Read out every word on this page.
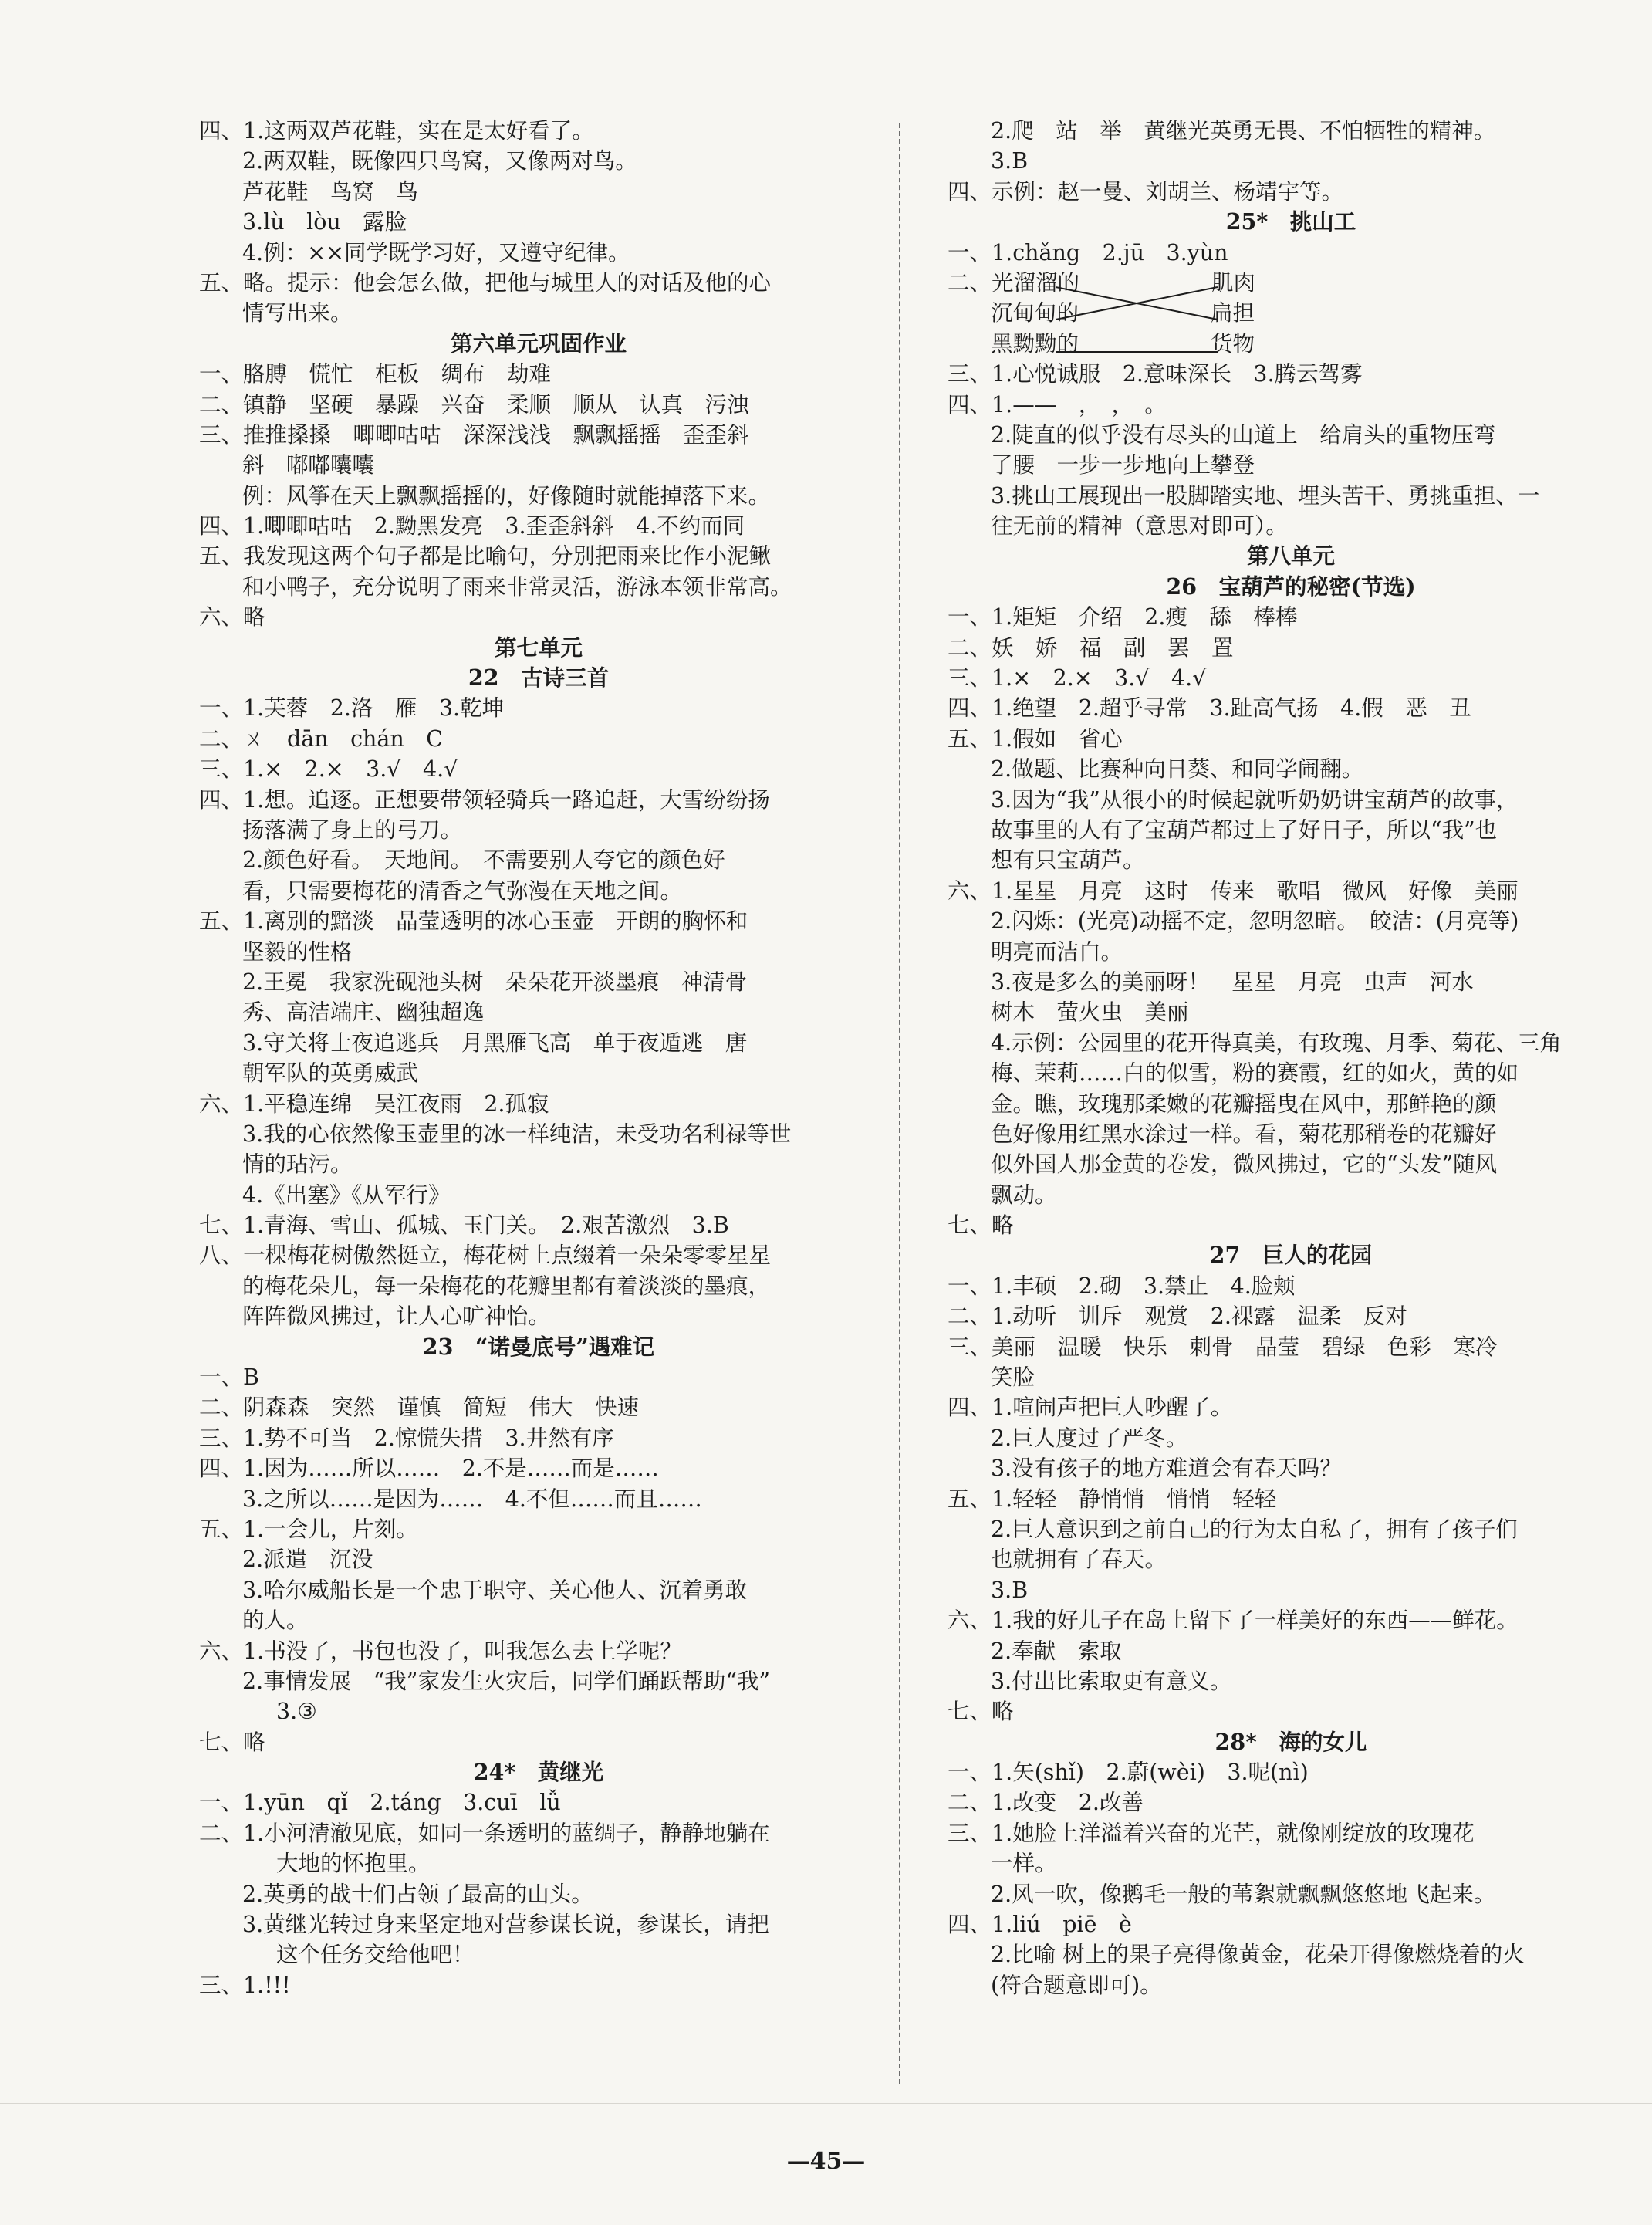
四、1.这两双芦花鞋，实在是太好看了。
2.两双鞋，既像四只鸟窝，又像两对鸟。
芦花鞋　鸟窝　鸟
3.lù　lòu　露脸
4.例：××同学既学习好，又遵守纪律。
五、略。提示：他会怎么做，把他与城里人的对话及他的心
情写出来。
第六单元巩固作业
一、胳膊　慌忙　柜板　绸布　劫难
二、镇静　坚硬　暴躁　兴奋　柔顺　顺从　认真　污浊
三、推推搡搡　唧唧咕咕　深深浅浅　飘飘摇摇　歪歪斜
斜　嘟嘟囔囔
例：风筝在天上飘飘摇摇的，好像随时就能掉落下来。
四、1.唧唧咕咕　2.黝黑发亮　3.歪歪斜斜　4.不约而同
五、我发现这两个句子都是比喻句，分别把雨来比作小泥鳅
和小鸭子，充分说明了雨来非常灵活，游泳本领非常高。
六、略
第七单元
22　古诗三首
一、1.芙蓉　2.洛　雁　3.乾坤
二、ㄨ　dān　chán　C
三、1.×　2.×　3.√　4.√
四、1.想。追逐。正想要带领轻骑兵一路追赶，大雪纷纷扬
扬落满了身上的弓刀。
2.颜色好看。　天地间。　不需要别人夸它的颜色好
看，只需要梅花的清香之气弥漫在天地之间。
五、1.离别的黯淡　晶莹透明的冰心玉壶　开朗的胸怀和
坚毅的性格
2.王冕　我家洗砚池头树　朵朵花开淡墨痕　神清骨
秀、高洁端庄、幽独超逸
3.守关将士夜追逃兵　月黑雁飞高　单于夜遁逃　唐
朝军队的英勇威武
六、1.平稳连绵　吴江夜雨　2.孤寂
3.我的心依然像玉壶里的冰一样纯洁，未受功名利禄等世
情的玷污。
4.《出塞》《从军行》
七、1.青海、雪山、孤城、玉门关。　2.艰苦激烈　3.B
八、一棵梅花树傲然挺立，梅花树上点缀着一朵朵零零星星
的梅花朵儿，每一朵梅花的花瓣里都有着淡淡的墨痕，
阵阵微风拂过，让人心旷神怡。
23　“诺曼底号”遇难记
一、B
二、阴森森　突然　谨慎　简短　伟大　快速
三、1.势不可当　2.惊慌失措　3.井然有序
四、1.因为……所以……　2.不是……而是……
3.之所以……是因为……　4.不但……而且……
五、1.一会儿，片刻。
2.派遣　沉没
3.哈尔威船长是一个忠于职守、关心他人、沉着勇敢
的人。
六、1.书没了，书包也没了，叫我怎么去上学呢？
2.事情发展　“我”家发生火灾后，同学们踊跃帮助“我”
3.③
七、略
24*　黄继光
一、1.yūn　qǐ　2.táng　3.cuī　lǚ
二、1.小河清澈见底，如同一条透明的蓝绸子，静静地躺在
大地的怀抱里。
2.英勇的战士们占领了最高的山头。
3.黄继光转过身来坚定地对营参谋长说，参谋长，请把
这个任务交给他吧！
三、1.!!!
2.爬　站　举　黄继光英勇无畏、不怕牺牲的精神。
3.B
四、示例：赵一曼、刘胡兰、杨靖宇等。
25*　挑山工
一、1.chǎng　2.jū　3.yùn
二、光溜溜的　　　　　　肌肉
沉甸甸的　　　　　　扁担
黑黝黝的　　　　　　货物
三、1.心悦诚服　2.意味深长　3.腾云驾雾
四、1.——　，　，　。
2.陡直的似乎没有尽头的山道上　给肩头的重物压弯
了腰　一步一步地向上攀登
3.挑山工展现出一股脚踏实地、埋头苦干、勇挑重担、一
往无前的精神（意思对即可）。
第八单元
26　宝葫芦的秘密(节选)
一、1.矩矩　介绍　2.瘦　舔　棒棒
二、妖　娇　福　副　罢　置
三、1.×　2.×　3.√　4.√
四、1.绝望　2.超乎寻常　3.趾高气扬　4.假　恶　丑
五、1.假如　省心
2.做题、比赛种向日葵、和同学闹翻。
3.因为“我”从很小的时候起就听奶奶讲宝葫芦的故事，
故事里的人有了宝葫芦都过上了好日子，所以“我”也
想有只宝葫芦。
六、1.星星　月亮　这时　传来　歌唱　微风　好像　美丽
2.闪烁：(光亮)动摇不定，忽明忽暗。　皎洁：(月亮等)
明亮而洁白。
3.夜是多么的美丽呀！　星星　月亮　虫声　河水
树木　萤火虫　美丽
4.示例：公园里的花开得真美，有玫瑰、月季、菊花、三角
梅、茉莉……白的似雪，粉的赛霞，红的如火，黄的如
金。瞧，玫瑰那柔嫩的花瓣摇曳在风中，那鲜艳的颜
色好像用红黑水涂过一样。看，菊花那稍卷的花瓣好
似外国人那金黄的卷发，微风拂过，它的“头发”随风
飘动。
七、略
27　巨人的花园
一、1.丰硕　2.砌　3.禁止　4.脸颊
二、1.动听　训斥　观赏　2.裸露　温柔　反对
三、美丽　温暖　快乐　刺骨　晶莹　碧绿　色彩　寒冷
笑脸
四、1.喧闹声把巨人吵醒了。
2.巨人度过了严冬。
3.没有孩子的地方难道会有春天吗？
五、1.轻轻　静悄悄　悄悄　轻轻
2.巨人意识到之前自己的行为太自私了，拥有了孩子们
也就拥有了春天。
3.B
六、1.我的好儿子在岛上留下了一样美好的东西——鲜花。
2.奉献　索取
3.付出比索取更有意义。
七、略
28*　海的女儿
一、1.矢(shǐ)　2.蔚(wèi)　3.呢(nì)
二、1.改变　2.改善
三、1.她脸上洋溢着兴奋的光芒，就像刚绽放的玫瑰花
一样。
2.风一吹，像鹅毛一般的苇絮就飘飘悠悠地飞起来。
四、1.liú　piē　è
2.比喻 树上的果子亮得像黄金，花朵开得像燃烧着的火
(符合题意即可)。
—45—
